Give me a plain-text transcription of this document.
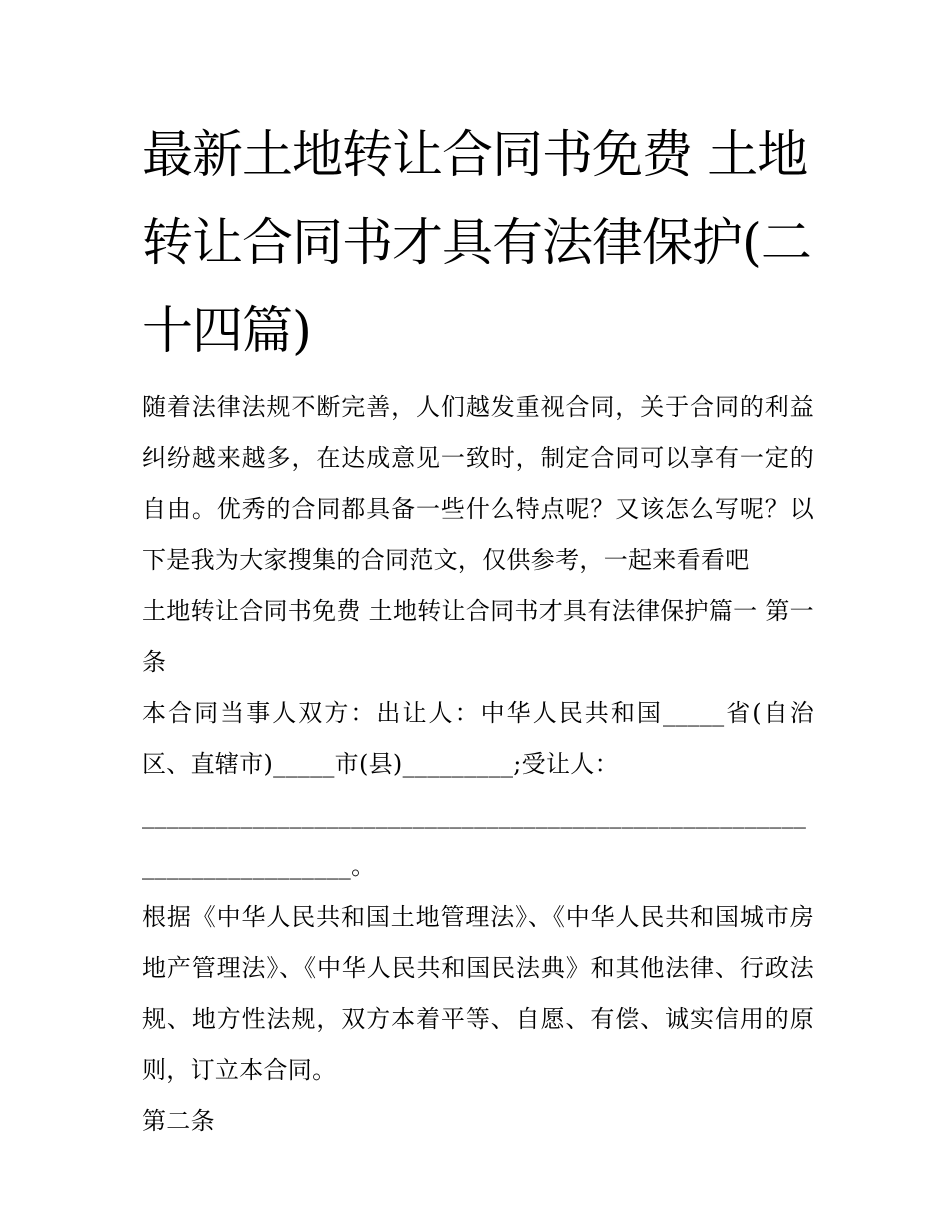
最新土地转让合同书免费 土地转让合同书才具有法律保护(二十四篇)

随着法律法规不断完善，人们越发重视合同，关于合同的利益纠纷越来越多，在达成意见一致时，制定合同可以享有一定的自由。优秀的合同都具备一些什么特点呢？又该怎么写呢？以下是我为大家搜集的合同范文，仅供参考，一起来看看吧

土地转让合同书免费 土地转让合同书才具有法律保护篇一 第一条

本合同当事人双方：出让人：中华人民共和国_____省(自治区、直辖市)_____市(县)_________;受让人：

______________________________________________________

_________________。

根据《中华人民共和国土地管理法》、《中华人民共和国城市房地产管理法》、《中华人民共和国民法典》和其他法律、行政法规、地方性法规，双方本着平等、自愿、有偿、诚实信用的原则，订立本合同。

第二条
